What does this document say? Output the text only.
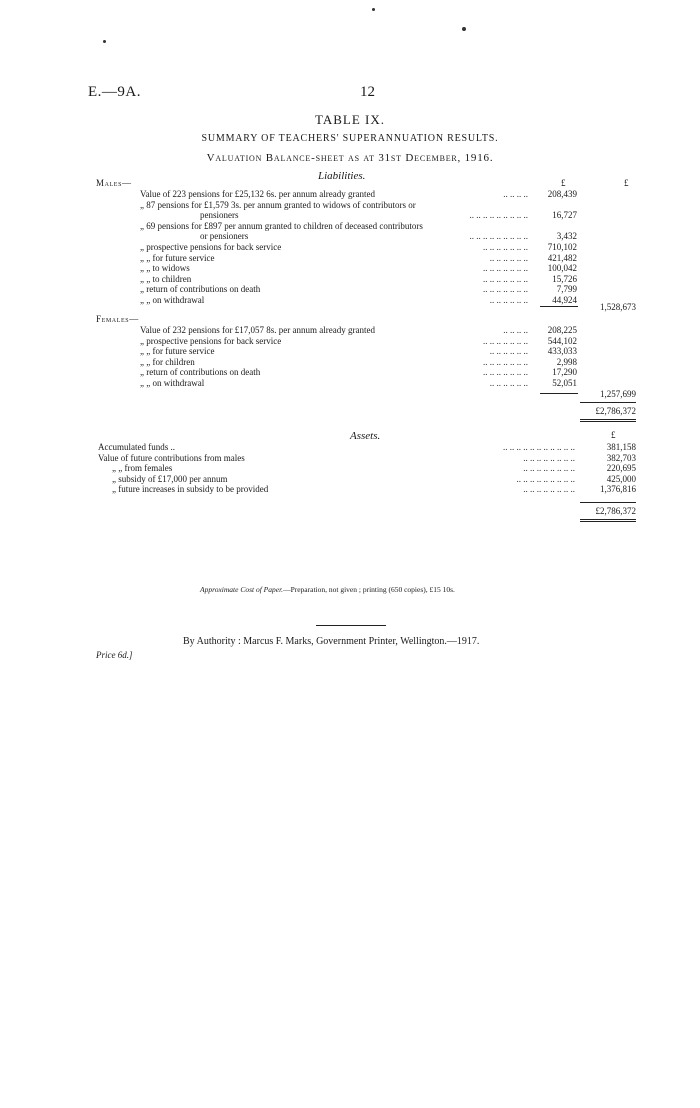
E.—9A.	12
TABLE IX.
SUMMARY OF TEACHERS' SUPERANNUATION RESULTS.
Valuation Balance-sheet as at 31st December, 1916.
Liabilities.
£	£
Males—
Value of 223 pensions for £25,132 6s. per annum already granted	.. .. .. ..	208,439
„ 87 pensions for £1,579 3s. per annum granted to widows of contributors or
pensioners	.. .. .. .. .. .. .. .. ..	16,727
„ 69 pensions for £897 per annum granted to children of deceased contributors
or pensioners	.. .. .. .. .. .. .. .. ..	3,432
„ prospective pensions for back service	.. .. .. .. .. .. ..	710,102
„ „ for future service	.. .. .. .. .. ..	421,482
„ „ to widows	.. .. .. .. .. .. ..	100,042
„ „ to children	.. .. .. .. .. .. ..	15,726
„ return of contributions on death	.. .. .. .. .. .. ..	7,799
„ „ on withdrawal	.. .. .. .. .. ..	44,924
1,528,673
Females—
Value of 232 pensions for £17,057 8s. per annum already granted	.. .. .. ..	208,225
„ prospective pensions for back service	.. .. .. .. .. .. ..	544,102
„ „ for future service	.. .. .. .. .. ..	433,033
„ „ for children	.. .. .. .. .. .. ..	2,998
„ return of contributions on death	.. .. .. .. .. .. ..	17,290
„ „ on withdrawal	.. .. .. .. .. ..	52,051
1,257,699
£2,786,372
Assets.	£
Accumulated funds ..	.. .. .. .. .. .. .. .. .. .. ..	381,158
Value of future contributions from males	.. .. .. .. .. .. .. ..	382,703
„ „ from females	.. .. .. .. .. .. .. ..	220,695
„ subsidy of £17,000 per annum	.. .. .. .. .. .. .. .. ..	425,000
„ future increases in subsidy to be provided	.. .. .. .. .. .. .. ..	1,376,816
£2,786,372
Approximate Cost of Paper.—Preparation, not given ; printing (650 copies), £15 10s.
By Authority : Marcus F. Marks, Government Printer, Wellington.—1917.
Price 6d.]
